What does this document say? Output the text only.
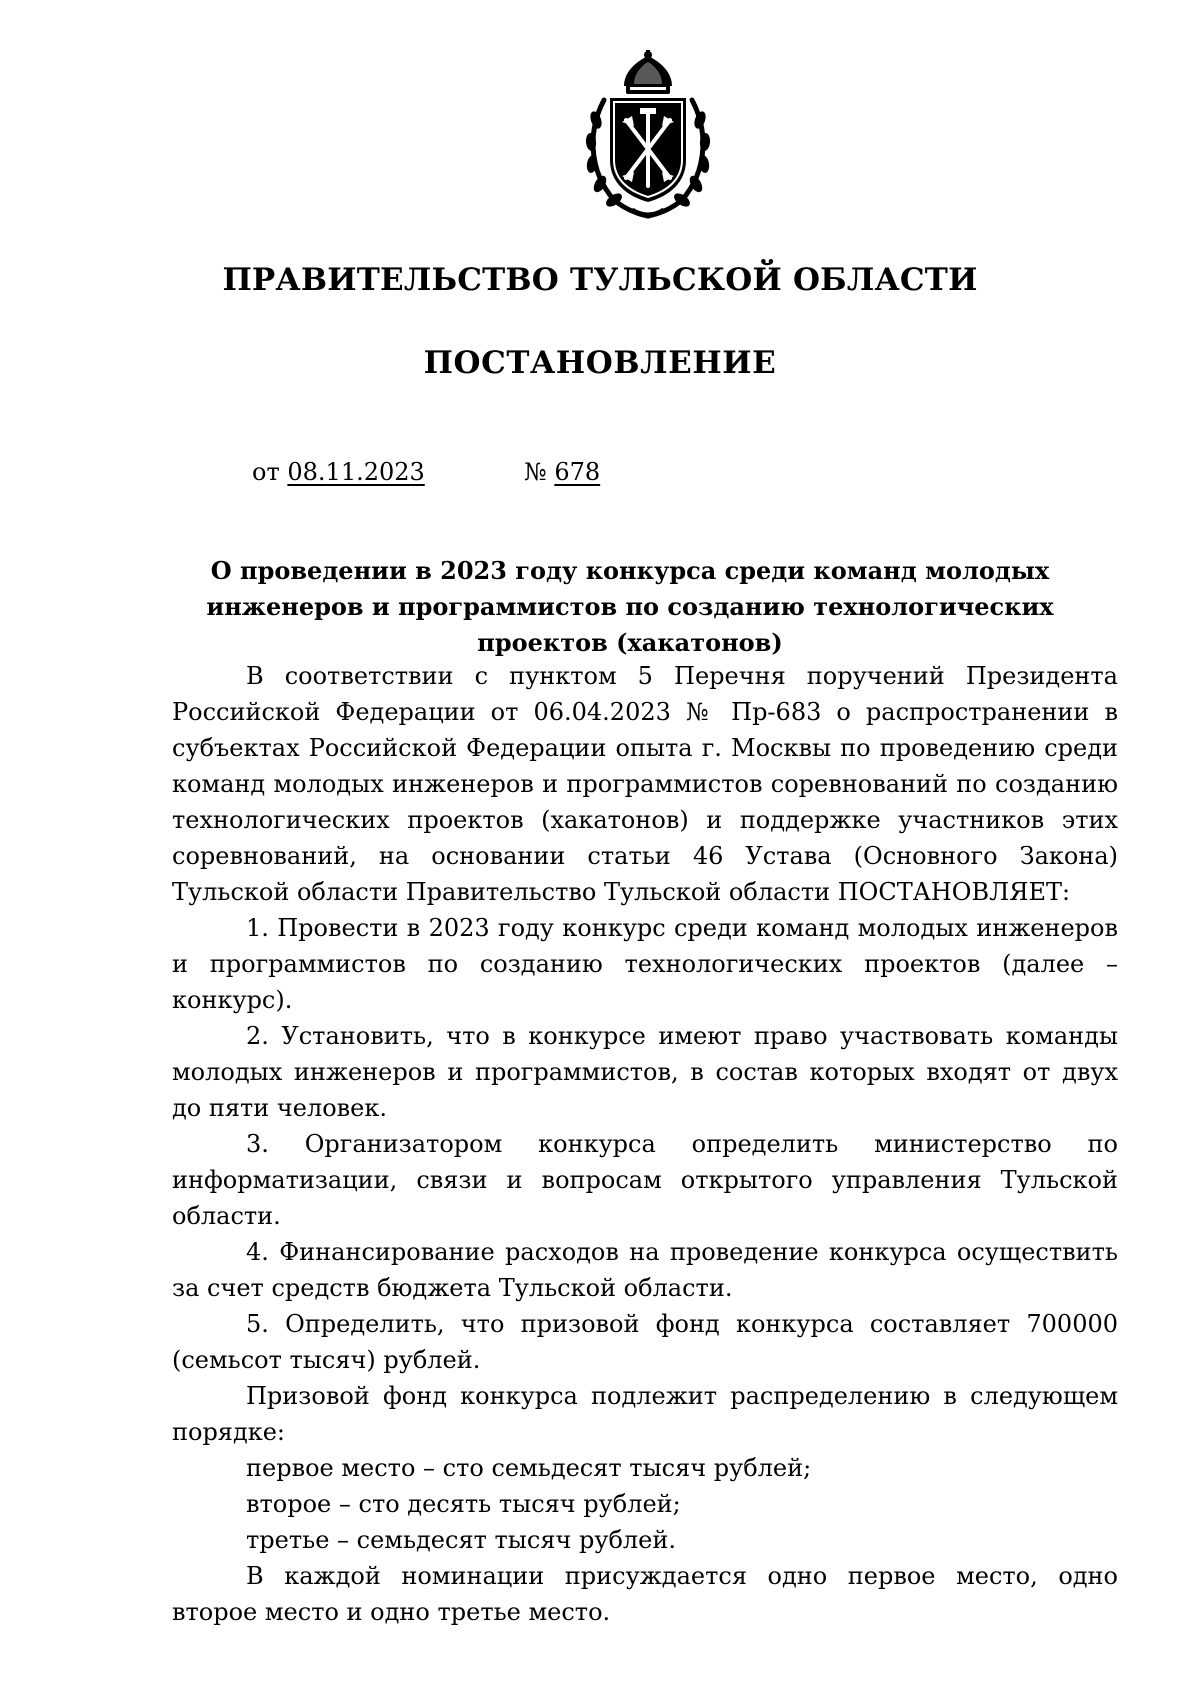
ПРАВИТЕЛЬСТВО ТУЛЬСКОЙ ОБЛАСТИ
ПОСТАНОВЛЕНИЕ
от 08.11.2023	№ 678
О проведении в 2023 году конкурса среди команд молодых инженеров и программистов по созданию технологических проектов (хакатонов)

В соответствии с пунктом 5 Перечня поручений Президента Российской Федерации от 06.04.2023 № Пр-683 о распространении в субъектах Российской Федерации опыта г. Москвы по проведению среди команд молодых инженеров и программистов соревнований по созданию технологических проектов (хакатонов) и поддержке участников этих соревнований, на основании статьи 46 Устава (Основного Закона) Тульской области Правительство Тульской области ПОСТАНОВЛЯЕТ:

1. Провести в 2023 году конкурс среди команд молодых инженеров и программистов по созданию технологических проектов (далее – конкурс).

2. Установить, что в конкурсе имеют право участвовать команды молодых инженеров и программистов, в состав которых входят от двух до пяти человек.

3. Организатором конкурса определить министерство по информатизации, связи и вопросам открытого управления Тульской области.

4. Финансирование расходов на проведение конкурса осуществить за счет средств бюджета Тульской области.

5. Определить, что призовой фонд конкурса составляет 700000 (семьсот тысяч) рублей.

Призовой фонд конкурса подлежит распределению в следующем порядке:

первое место – сто семьдесят тысяч рублей;

второе – сто десять тысяч рублей;

третье – семьдесят тысяч рублей.

В каждой номинации присуждается одно первое место, одно второе место и одно третье место.
